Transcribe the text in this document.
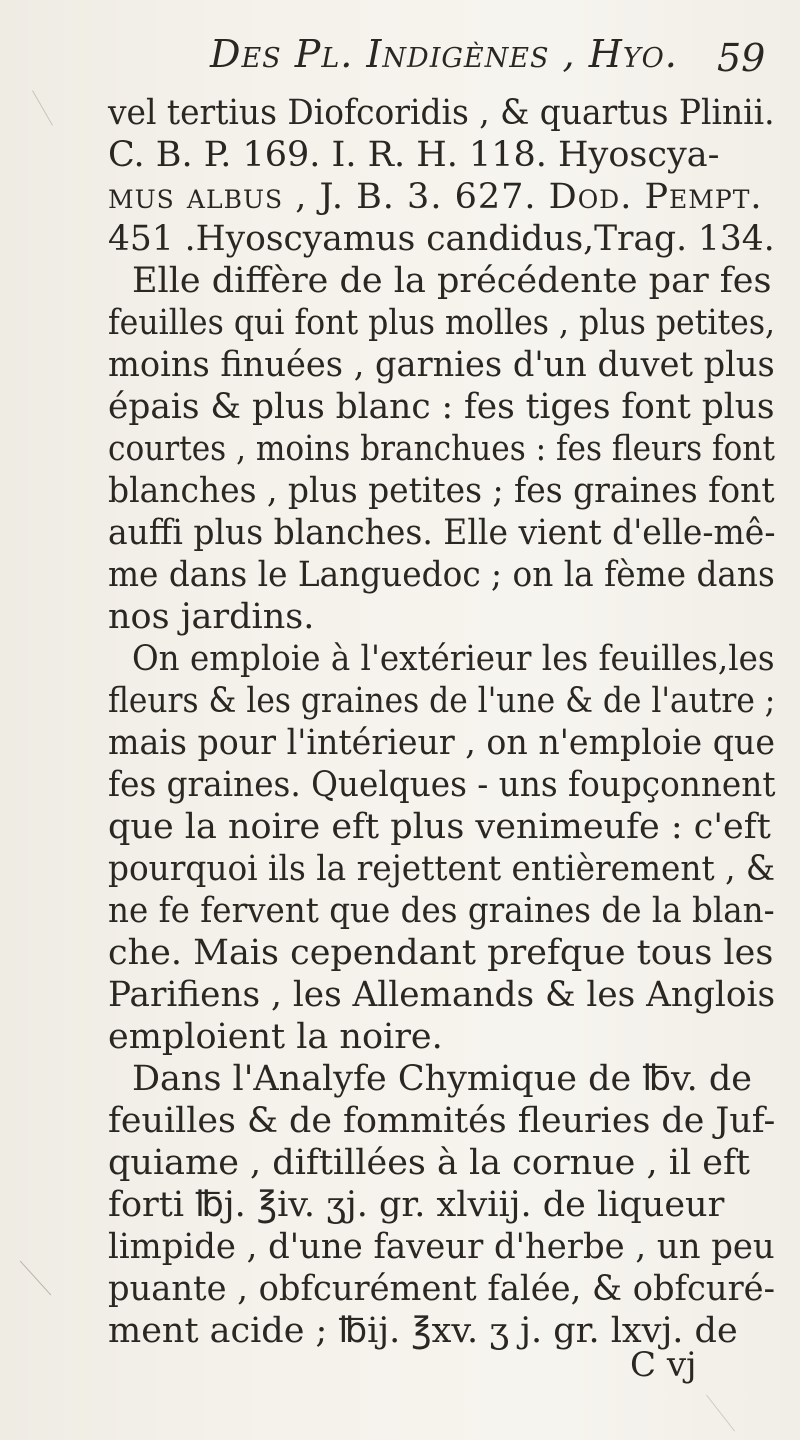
Des Pl. Indigènes , Hyo. 59
vel tertius Diofcoridis , & quartus Plinii.
C. B. P. 169. I. R. H. 118. Hyoscya-
mus albus , J. B. 3. 627. Dod. Pempt.
451 .Hyoscyamus candidus,Trag. 134.
Elle diffère de la précédente par fes
feuilles qui font plus molles , plus petites,
moins finuées , garnies d'un duvet plus
épais & plus blanc : fes tiges font plus
courtes , moins branchues : fes fleurs font
blanches , plus petites ; fes graines font
auffi plus blanches. Elle vient d'elle-mê-
me dans le Languedoc ; on la fème dans
nos jardins.
On emploie à l'extérieur les feuilles,les
fleurs & les graines de l'une & de l'autre ;
mais pour l'intérieur , on n'emploie que
fes graines. Quelques - uns foupçonnent
que la noire eft plus venimeufe : c'eft
pourquoi ils la rejettent entièrement , &
ne fe fervent que des graines de la blan-
che. Mais cependant prefque tous les
Parifiens , les Allemands & les Anglois
emploient la noire.
Dans l'Analyfe Chymique de ℔v. de
feuilles & de fommités fleuries de Juf-
quiame , diftillées à la cornue , il eft
forti ℔j. ℥iv. ʒj. gr. xlviij. de liqueur
limpide , d'une faveur d'herbe , un peu
puante , obfcurément falée, & obfcuré-
ment acide ; ℔ij. ℥xv. ʒ j. gr. lxvj. de
C vj
